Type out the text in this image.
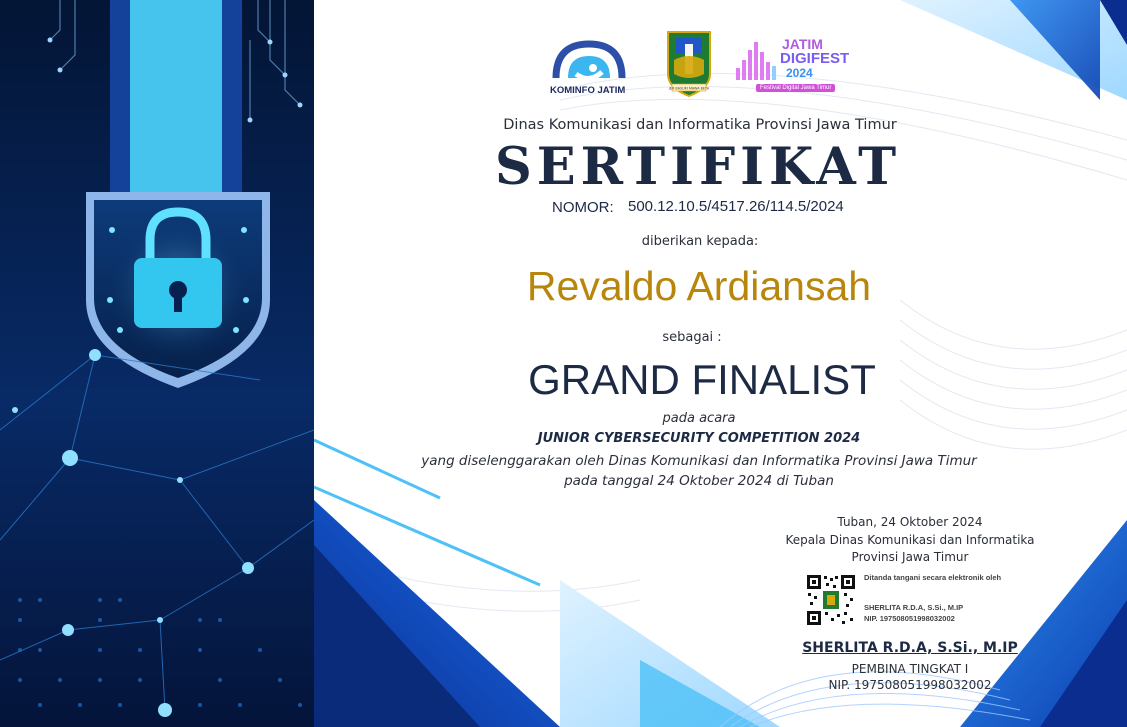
KOMINFO JATIM	JER BASUKI MAWA BEYA
JATIM
DIGIFEST
2024
Festival Digital Jawa Timur
Dinas Komunikasi dan Informatika Provinsi Jawa Timur
SERTIFIKAT
NOMOR: 500.12.10.5/4517.26/114.5/2024
diberikan kepada:
Revaldo Ardiansah
sebagai :
GRAND FINALIST
pada acara
JUNIOR CYBERSECURITY COMPETITION 2024
yang diselenggarakan oleh Dinas Komunikasi dan Informatika Provinsi Jawa Timur
pada tanggal 24 Oktober 2024 di Tuban
Tuban, 24 Oktober 2024
Kepala Dinas Komunikasi dan Informatika
Provinsi Jawa Timur
Ditanda tangani secara elektronik oleh
SHERLITA R.D.A, S.Si., M.IP
NIP. 197508051998032002
SHERLITA R.D.A, S.Si., M.IP
PEMBINA TINGKAT I
NIP. 197508051998032002
